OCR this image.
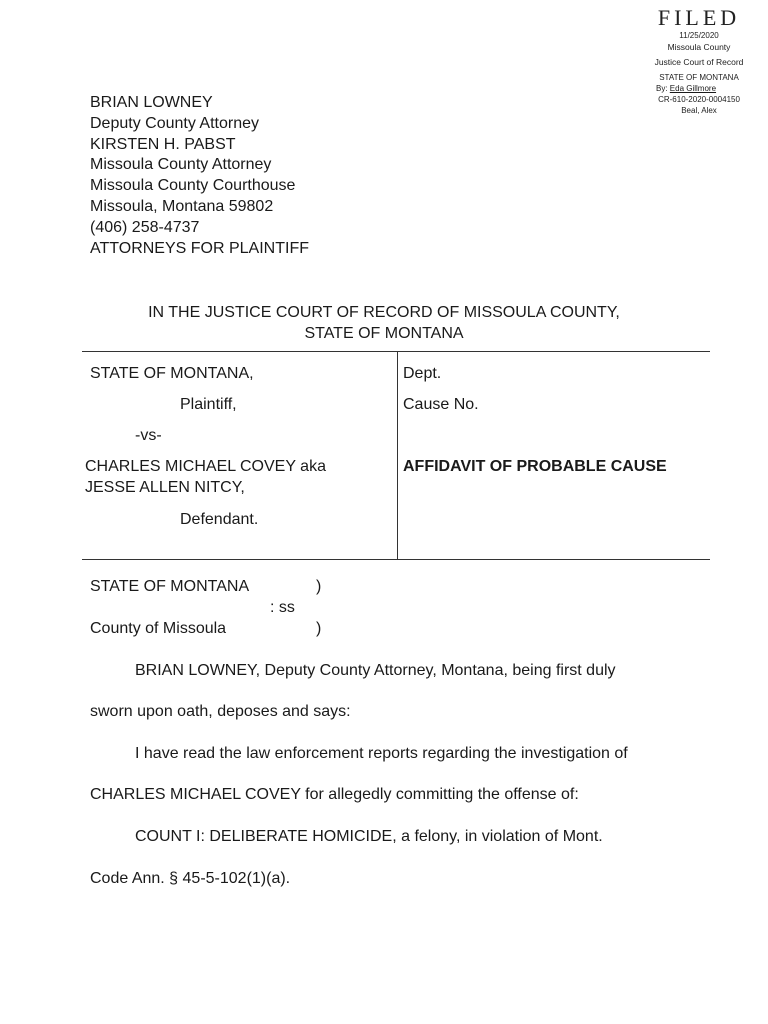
FILED
11/25/2020
Missoula County
Justice Court of Record
STATE OF MONTANA
By: Eda Gillmore
CR-610-2020-0004150
Beal, Alex
BRIAN LOWNEY
Deputy County Attorney
KIRSTEN H. PABST
Missoula County Attorney
Missoula County Courthouse
Missoula, Montana 59802
(406) 258-4737
ATTORNEYS FOR PLAINTIFF
IN THE JUSTICE COURT OF RECORD OF MISSOULA COUNTY,
STATE OF MONTANA
STATE OF MONTANA,
Plaintiff,
-vs-
CHARLES MICHAEL COVEY aka
JESSE ALLEN NITCY,
Defendant.
Dept.
Cause No.
AFFIDAVIT OF PROBABLE CAUSE
STATE OF MONTANA	)
: ss
County of Missoula	)
BRIAN LOWNEY, Deputy County Attorney, Montana, being first duly
sworn upon oath, deposes and says:
I have read the law enforcement reports regarding the investigation of
CHARLES MICHAEL COVEY for allegedly committing the offense of:
COUNT I: DELIBERATE HOMICIDE, a felony, in violation of Mont.
Code Ann. § 45-5-102(1)(a).
